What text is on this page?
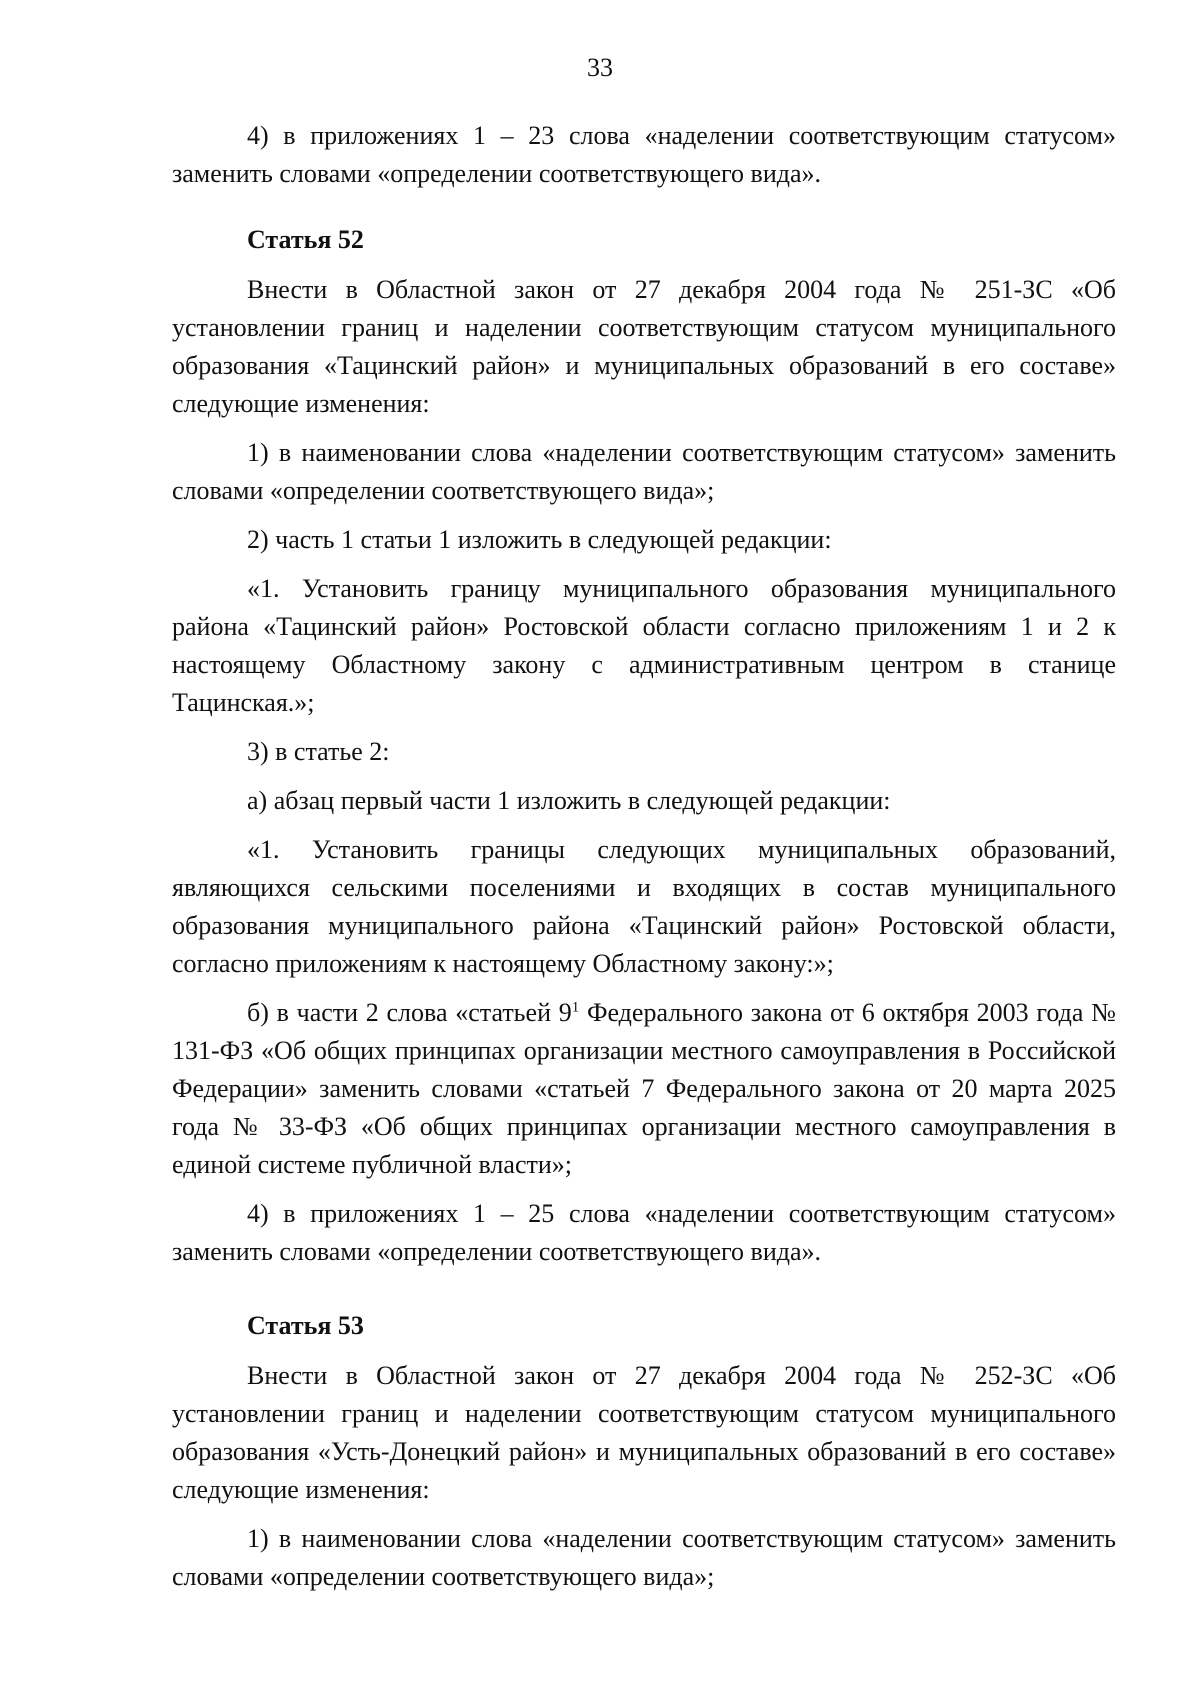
33

4) в приложениях 1 – 23 слова «наделении соответствующим статусом» заменить словами «определении соответствующего вида».

Статья 52

Внести в Областной закон от 27 декабря 2004 года № 251-ЗС «Об установлении границ и наделении соответствующим статусом муниципального образования «Тацинский район» и муниципальных образований в его составе» следующие изменения:

1) в наименовании слова «наделении соответствующим статусом» заменить словами «определении соответствующего вида»;

2) часть 1 статьи 1 изложить в следующей редакции:

«1. Установить границу муниципального образования муниципального района «Тацинский район» Ростовской области согласно приложениям 1 и 2 к настоящему Областному закону с административным центром в станице Тацинская.»;

3) в статье 2:

а) абзац первый части 1 изложить в следующей редакции:

«1. Установить границы следующих муниципальных образований, являющихся сельскими поселениями и входящих в состав муниципального образования муниципального района «Тацинский район» Ростовской области, согласно приложениям к настоящему Областному закону:»;

б) в части 2 слова «статьей $9^1$ Федерального закона от 6 октября 2003 года № 131-ФЗ «Об общих принципах организации местного самоуправления в Российской Федерации» заменить словами «статьей 7 Федерального закона от 20 марта 2025 года № 33-ФЗ «Об общих принципах организации местного самоуправления в единой системе публичной власти»;

4) в приложениях 1 – 25 слова «наделении соответствующим статусом» заменить словами «определении соответствующего вида».

Статья 53

Внести в Областной закон от 27 декабря 2004 года № 252-ЗС «Об установлении границ и наделении соответствующим статусом муниципального образования «Усть-Донецкий район» и муниципальных образований в его составе» следующие изменения:

1) в наименовании слова «наделении соответствующим статусом» заменить словами «определении соответствующего вида»;
